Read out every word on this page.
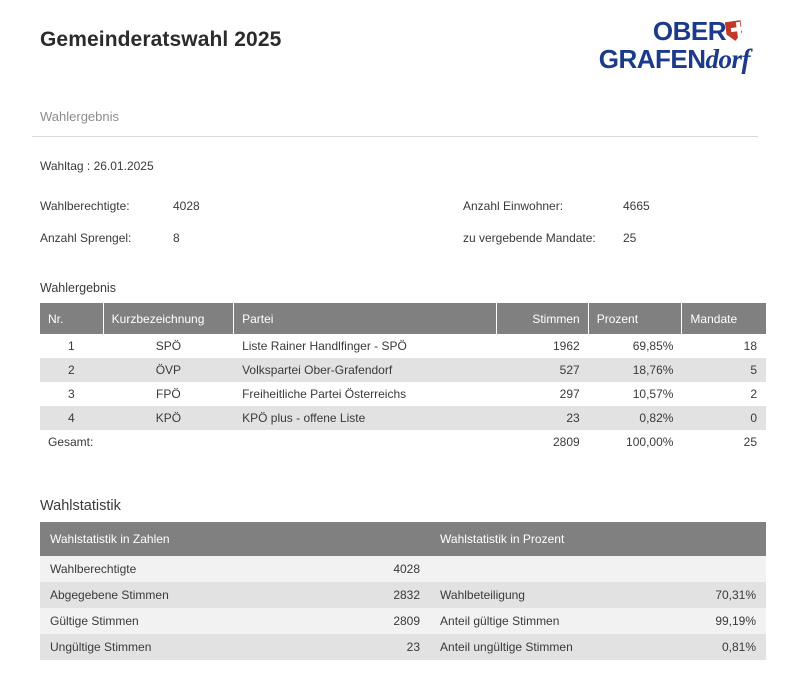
Gemeinderatswahl 2025	OBER
GRAFENdorf
Wahlergebnis
Wahltag : 26.01.2025
Wahlberechtigte:	4028	Anzahl Einwohner:	4665
Anzahl Sprengel:	8	zu vergebende Mandate:	25
Wahlergebnis
Nr.	Kurzbezeichnung	Partei	Stimmen	Prozent	Mandate
1	SPÖ	Liste Rainer Handlfinger - SPÖ	1962	69,85%	18
2	ÖVP	Volkspartei Ober-Grafendorf	527	18,76%	5
3	FPÖ	Freiheitliche Partei Österreichs	297	10,57%	2
4	KPÖ	KPÖ plus - offene Liste	23	0,82%	0
Gesamt:			2809	100,00%	25
Wahlstatistik
Wahlstatistik in Zahlen		Wahlstatistik in Prozent	
Wahlberechtigte	4028		
Abgegebene Stimmen	2832	Wahlbeteiligung	70,31%
Gültige Stimmen	2809	Anteil gültige Stimmen	99,19%
Ungültige Stimmen	23	Anteil ungültige Stimmen	0,81%
